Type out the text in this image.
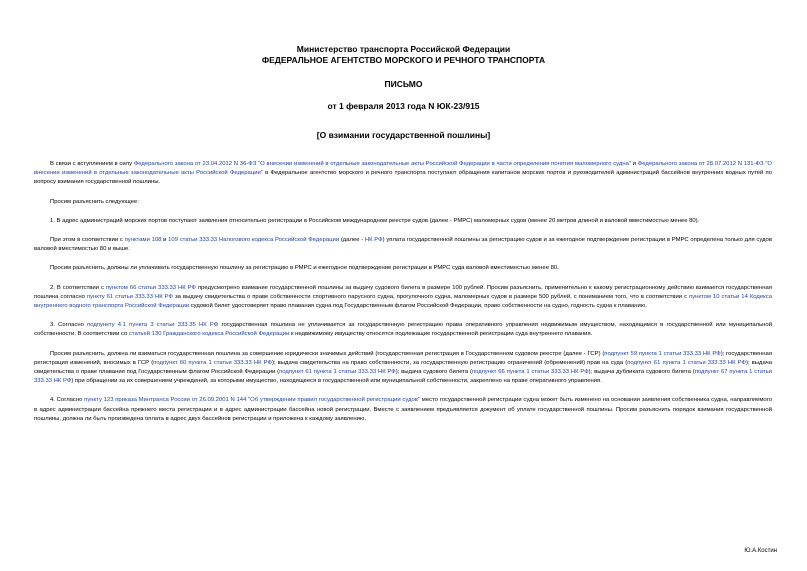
Министерство транспорта Российской Федерации
ФЕДЕРАЛЬНОЕ АГЕНТСТВО МОРСКОГО И РЕЧНОГО ТРАНСПОРТА
ПИСЬМО
от 1 февраля 2013 года N ЮК-23/915
[О взимании государственной пошлины]

В связи с вступлением в силу Федерального закона от 23.04.2012 N 36-ФЗ "О внесении изменений в отдельные законодательные акты Российской Федерации в части определения понятия маломерного судна" и Федерального закона от 28.07.2012 N 131-ФЗ "О внесении изменений в отдельные законодательные акты Российской Федерации" в Федеральное агентство морского и речного транспорта поступают обращения капитанов морских портов и руководителей администраций бассейнов внутренних водных путей по вопросу взимания государственной пошлины.

Просим разъяснить следующее:

1. В адрес администраций морских портов поступают заявления относительно регистрации в Российском международном реестре судов (далее - РМРС) маломерных судов (менее 20 метров длиной и валовой вместимостью менее 80).

При этом в соответствии с пунктами 108 и 109 статьи 333.33 Налогового кодекса Российской Федерации (далее - НК РФ) уплата государственной пошлины за регистрацию судов и за ежегодное подтверждение регистрации в РМРС определена только для судов валовой вместимостью 80 и выше.

Просим разъяснить, должны ли уплачивать государственную пошлину за регистрацию в РМРС и ежегодное подтверждение регистрации в РМРС суда валовой вместимостью менее 80.

2. В соответствии с пунктом 66 статьи 333.33 НК РФ предусмотрено взимание государственной пошлины за выдачу судового билета в размере 100 рублей. Просим разъяснить, применительно к какому регистрационному действию взимается государственная пошлина согласно пункту 61 статьи 333.33 НК РФ за выдачу свидетельства о праве собственности спортивного парусного судна, прогулочного судна, маломерных судов в размере 500 рублей, с пониманием того, что в соответствии с пунктом 10 статьи 14 Кодекса внутреннего водного транспорта Российской Федерации судовой билет удостоверяет право плавания судна под Государственным флагом Российской Федерации, право собственности на судно, годность судна к плаванию.

3. Согласно подпункту 4.1 пункта 3 статьи 333.35 НК РФ государственная пошлина не уплачивается за государственную регистрацию права оперативного управления недвижимым имуществом, находящимся в государственной или муниципальной собственности. В соответствии со статьей 130 Гражданского кодекса Российской Федерации к недвижимому имуществу относятся подлежащие государственной регистрации суда внутреннего плавания.

Просим разъяснить, должна ли взиматься государственная пошлина за совершение юридически значимых действий (государственная регистрация в Государственном судовом реестре (далее - ГСР) (подпункт 59 пункта 1 статьи 333.33 НК РФ); государственная регистрация изменений, вносимых в ГСР (подпункт 60 пункта 1 статьи 333.33 НК РФ); выдача свидетельства на право собственности, за государственную регистрацию ограничений (обременений) прав на суда (подпункт 61 пункта 1 статьи 333.33 НК РФ); выдача свидетельства о праве плавания под Государственным флагом Российской Федерации (подпункт 61 пункта 1 статьи 333.33 НК РФ); выдача судового билета (подпункт 66 пункта 1 статьи 333.33 НК РФ); выдача дубликата судового билета (подпункт 67 пункта 1 статьи 333.33 НК РФ) при обращении за их совершением учреждений, за которыми имущество, находящееся в государственной или муниципальной собственности, закреплено на праве оперативного управления.

4. Согласно пункту 123 приказа Минтранса России от 26.09.2001 N 144 "Об утверждении правил государственной регистрации судов" место государственной регистрации судна может быть изменено на основании заявления собственника судна, направляемого в адрес администрации бассейна прежнего места регистрации и в адрес администрации бассейна новой регистрации. Вместе с заявлением предъявляется документ об уплате государственной пошлины. Просим разъяснить порядок взимания государственной пошлины, должна ли быть произведена оплата в адрес двух бассейнов регистрации и приложена к каждому заявлению.

Ю.А.Костин
